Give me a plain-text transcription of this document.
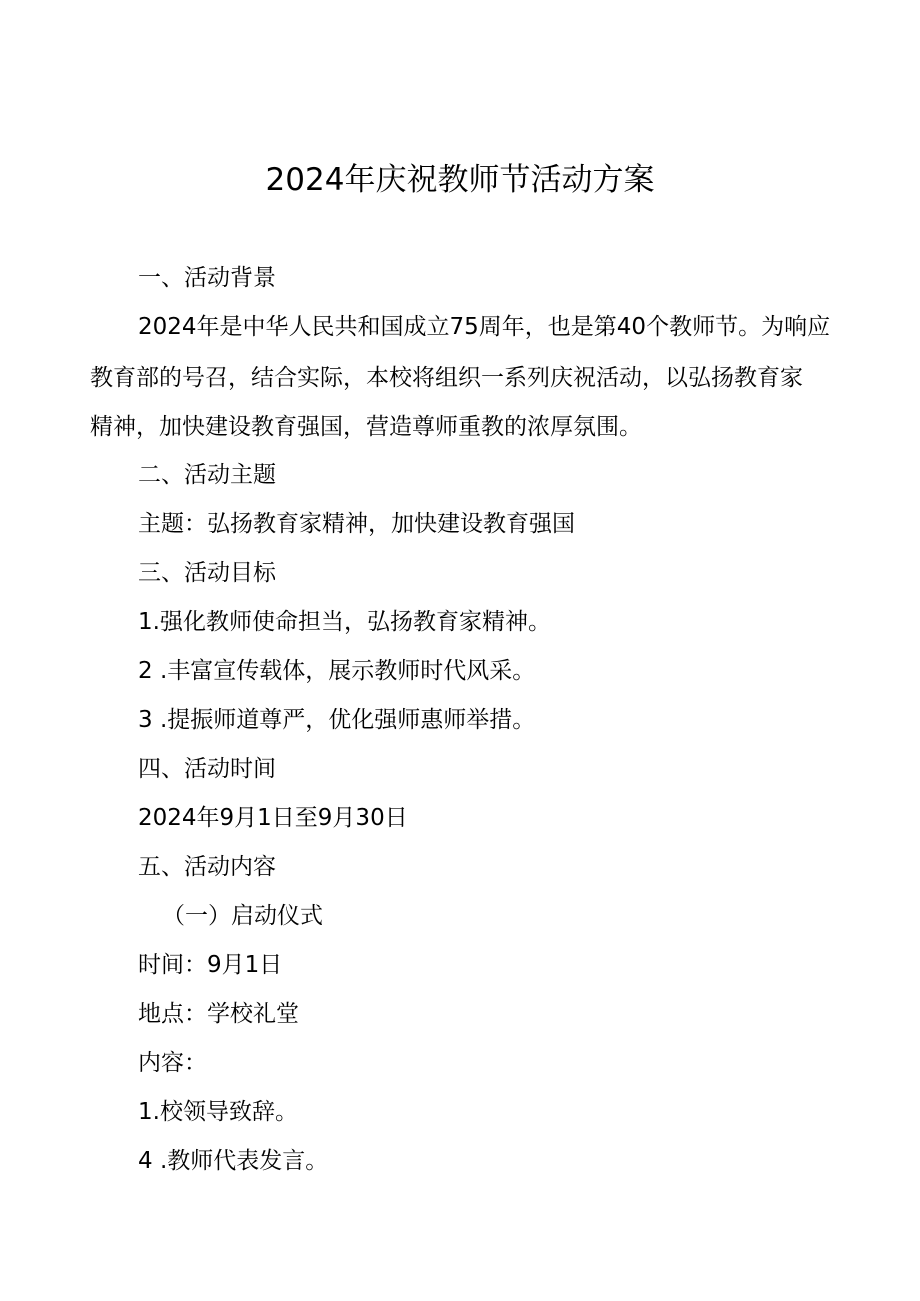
2024年庆祝教师节活动方案
一、活动背景
2024年是中华人民共和国成立75周年，也是第40个教师节。为响应
教育部的号召，结合实际，本校将组织一系列庆祝活动，以弘扬教育家
精神，加快建设教育强国，营造尊师重教的浓厚氛围。
二、活动主题
主题：弘扬教育家精神，加快建设教育强国
三、活动目标
1.强化教师使命担当，弘扬教育家精神。
2 .丰富宣传载体，展示教师时代风采。
3 .提振师道尊严，优化强师惠师举措。
四、活动时间
2024年9月1日至9月30日
五、活动内容
（一）启动仪式
时间：9月1日
地点：学校礼堂
内容：
1.校领导致辞。
4 .教师代表发言。
